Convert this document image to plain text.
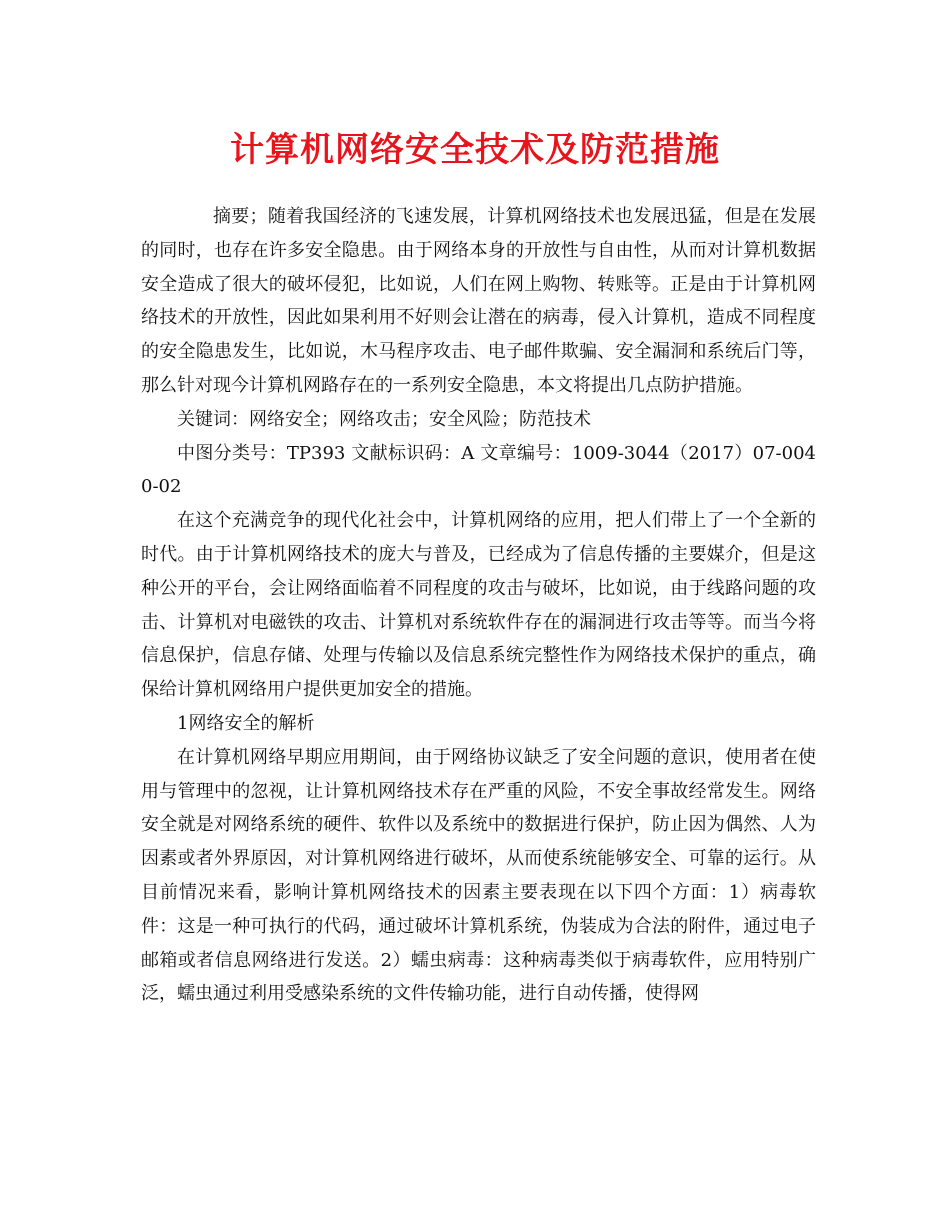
计算机网络安全技术及防范措施

摘要；随着我国经济的飞速发展，计算机网络技术也发展迅猛，但是在发展的同时，也存在许多安全隐患。由于网络本身的开放性与自由性，从而对计算机数据安全造成了很大的破坏侵犯，比如说，人们在网上购物、转账等。正是由于计算机网络技术的开放性，因此如果利用不好则会让潜在的病毒，侵入计算机，造成不同程度的安全隐患发生，比如说，木马程序攻击、电子邮件欺骗、安全漏洞和系统后门等，那么针对现今计算机网路存在的一系列安全隐患，本文将提出几点防护措施。

关键词：网络安全；网络攻击；安全风险；防范技术

中图分类号：TP393 文献标识码：A 文章编号：1009-3044（2017）07-0040-02

在这个充满竞争的现代化社会中，计算机网络的应用，把人们带上了一个全新的时代。由于计算机网络技术的庞大与普及，已经成为了信息传播的主要媒介，但是这种公开的平台，会让网络面临着不同程度的攻击与破坏，比如说，由于线路问题的攻击、计算机对电磁铁的攻击、计算机对系统软件存在的漏洞进行攻击等等。而当今将信息保护，信息存储、处理与传输以及信息系统完整性作为网络技术保护的重点，确保给计算机网络用户提供更加安全的措施。

1网络安全的解析

在计算机网络早期应用期间，由于网络协议缺乏了安全问题的意识，使用者在使用与管理中的忽视，让计算机网络技术存在严重的风险，不安全事故经常发生。网络安全就是对网络系统的硬件、软件以及系统中的数据进行保护，防止因为偶然、人为因素或者外界原因，对计算机网络进行破坏，从而使系统能够安全、可靠的运行。从目前情况来看，影响计算机网络技术的因素主要表现在以下四个方面：1）病毒软件：这是一种可执行的代码，通过破坏计算机系统，伪装成为合法的附件，通过电子邮箱或者信息网络进行发送。2）蠕虫病毒：这种病毒类似于病毒软件，应用特别广泛，蠕虫通过利用受感染系统的文件传输功能，进行自动传播，使得网
